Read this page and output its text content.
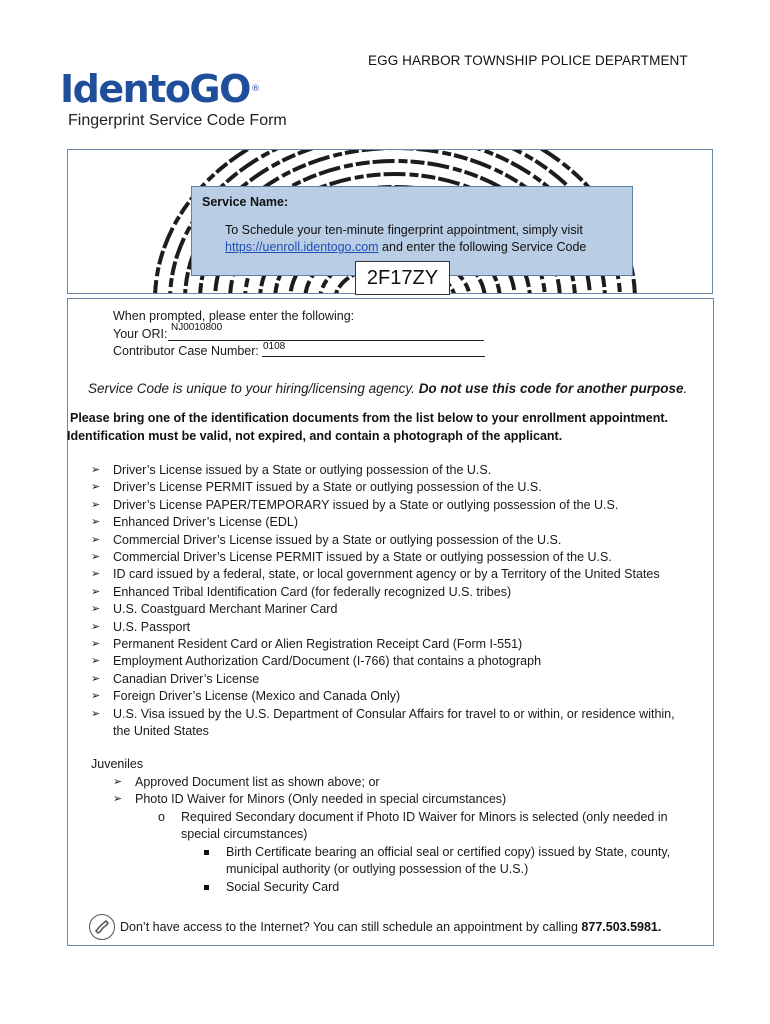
EGG HARBOR TOWNSHIP POLICE DEPARTMENT
IdentoGO®
Fingerprint Service Code Form
Service Name:
To Schedule your ten-minute fingerprint appointment, simply visit
https://uenroll.identogo.com and enter the following Service Code
2F17ZY
When prompted, please enter the following:
Your ORI: NJ0010800
Contributor Case Number: 0108
Service Code is unique to your hiring/licensing agency. Do not use this code for another purpose.
Please bring one of the identification documents from the list below to your enrollment appointment.
Identification must be valid, not expired, and contain a photograph of the applicant.
➢ Driver’s License issued by a State or outlying possession of the U.S.
➢ Driver’s License PERMIT issued by a State or outlying possession of the U.S.
➢ Driver’s License PAPER/TEMPORARY issued by a State or outlying possession of the U.S.
➢ Enhanced Driver’s License (EDL)
➢ Commercial Driver’s License issued by a State or outlying possession of the U.S.
➢ Commercial Driver’s License PERMIT issued by a State or outlying possession of the U.S.
➢ ID card issued by a federal, state, or local government agency or by a Territory of the United States
➢ Enhanced Tribal Identification Card (for federally recognized U.S. tribes)
➢ U.S. Coastguard Merchant Mariner Card
➢ U.S. Passport
➢ Permanent Resident Card or Alien Registration Receipt Card (Form I-551)
➢ Employment Authorization Card/Document (I-766) that contains a photograph
➢ Canadian Driver’s License
➢ Foreign Driver’s License (Mexico and Canada Only)
➢ U.S. Visa issued by the U.S. Department of Consular Affairs for travel to or within, or residence within, the United States
Juveniles
➢ Approved Document list as shown above; or
➢ Photo ID Waiver for Minors (Only needed in special circumstances)
o Required Secondary document if Photo ID Waiver for Minors is selected (only needed in special circumstances)
Birth Certificate bearing an official seal or certified copy) issued by State, county, municipal authority (or outlying possession of the U.S.)
Social Security Card
Don’t have access to the Internet? You can still schedule an appointment by calling 877.503.5981.
